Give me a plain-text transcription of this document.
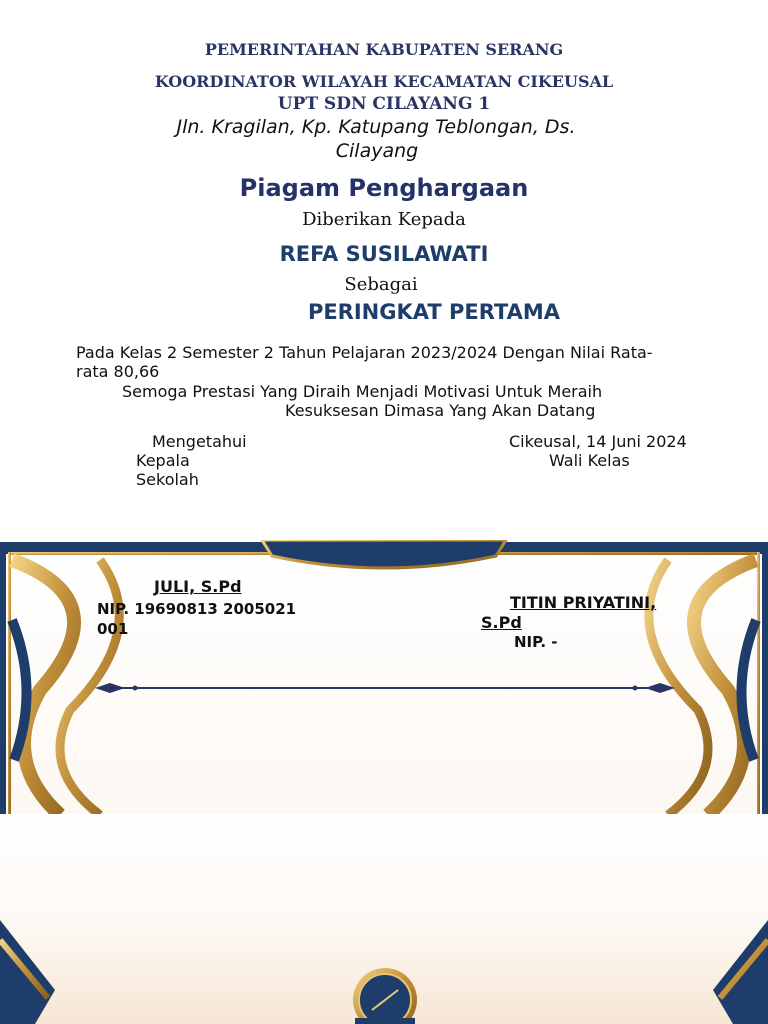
PEMERINTAHAN KABUPATEN SERANG
KOORDINATOR WILAYAH KECAMATAN CIKEUSAL
UPT SDN CILAYANG 1
Jln. Kragilan, Kp. Katupang Teblongan, Ds.
Cilayang
Piagam Penghargaan
Diberikan Kepada
REFA SUSILAWATI
Sebagai
PERINGKAT PERTAMA
Pada Kelas 2 Semester 2 Tahun Pelajaran 2023/2024 Dengan Nilai Rata-
rata 80,66
Semoga Prestasi Yang Diraih Menjadi Motivasi Untuk Meraih
Kesuksesan Dimasa Yang Akan Datang
Mengetahui
Kepala
Sekolah
Cikeusal, 14 Juni 2024
Wali Kelas
JULI, S.Pd
NIP. 19690813 2005021
001
TITIN PRIYATINI,
S.Pd
NIP. -
